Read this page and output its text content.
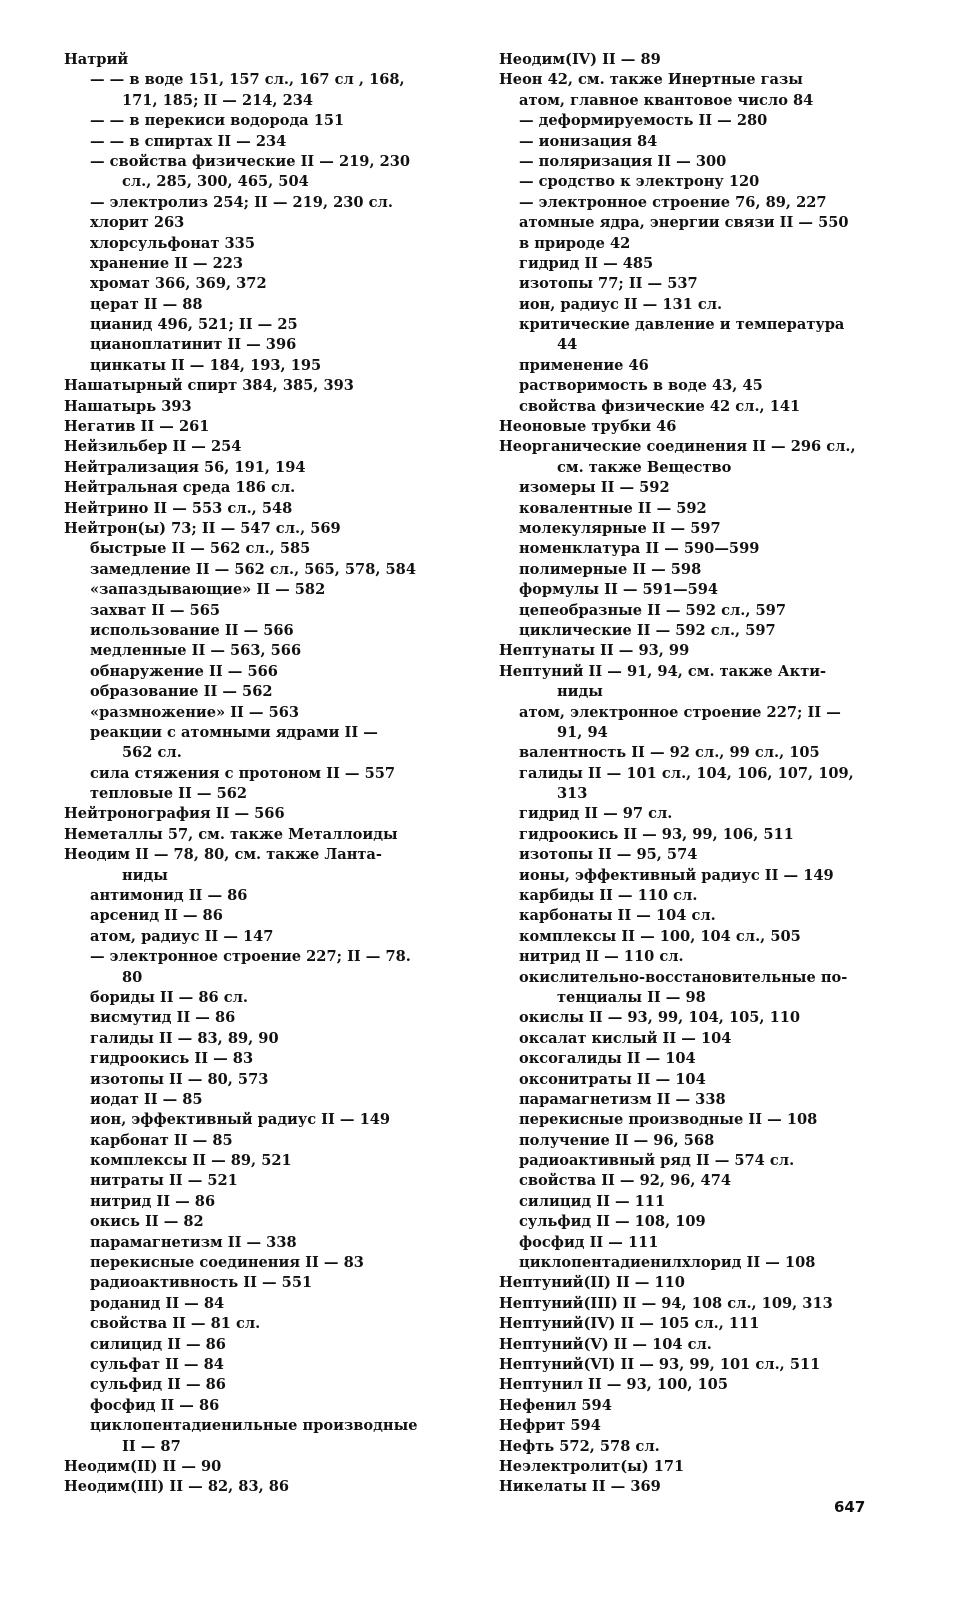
Натрий
— — в воде 151, 157 сл., 167 сл , 168,
171, 185; II — 214, 234
— — в перекиси водорода 151
— — в спиртах II — 234
— свойства физические II — 219, 230
сл., 285, 300, 465, 504
— электролиз 254; II — 219, 230 сл.
хлорит 263
хлорсульфонат 335
хранение II — 223
хромат 366, 369, 372
церат II — 88
цианид 496, 521; II — 25
цианоплатинит II — 396
цинкаты II — 184, 193, 195
Нашатырный спирт 384, 385, 393
Нашатырь 393
Негатив II — 261
Нейзильбер II — 254
Нейтрализация 56, 191, 194
Нейтральная среда 186 сл.
Нейтрино II — 553 сл., 548
Нейтрон(ы) 73; II — 547 сл., 569
быстрые II — 562 сл., 585
замедление II — 562 сл., 565, 578, 584
«запаздывающие» II — 582
захват II — 565
использование II — 566
медленные II — 563, 566
обнаружение II — 566
образование II — 562
«размножение» II — 563
реакции с атомными ядрами II —
562 сл.
сила стяжения с протоном II — 557
тепловые II — 562
Нейтронография II — 566
Неметаллы 57, см. также Металлоиды
Неодим II — 78, 80, см. также Ланта-
ниды
антимонид II — 86
арсенид II — 86
атом, радиус II — 147
— электронное строение 227; II — 78.
80
бориды II — 86 сл.
висмутид II — 86
галиды II — 83, 89, 90
гидроокись II — 83
изотопы II — 80, 573
иодат II — 85
ион, эффективный радиус II — 149
карбонат II — 85
комплексы II — 89, 521
нитраты II — 521
нитрид II — 86
окись II — 82
парамагнетизм II — 338
перекисные соединения II — 83
радиоактивность II — 551
роданид II — 84
свойства II — 81 сл.
силицид II — 86
сульфат II — 84
сульфид II — 86
фосфид II — 86
циклопентадиенильные производные
II — 87
Неодим(II) II — 90
Неодим(III) II — 82, 83, 86
Неодим(IV) II — 89
Неон 42, см. также Инертные газы
атом, главное квантовое число 84
— деформируемость II — 280
— ионизация 84
— поляризация II — 300
— сродство к электрону 120
— электронное строение 76, 89, 227
атомные ядра, энергии связи II — 550
в природе 42
гидрид II — 485
изотопы 77; II — 537
ион, радиус II — 131 сл.
критические давление и температура
44
применение 46
растворимость в воде 43, 45
свойства физические 42 сл., 141
Неоновые трубки 46
Неорганические соединения II — 296 сл.,
см. также Вещество
изомеры II — 592
ковалентные II — 592
молекулярные II — 597
номенклатура II — 590—599
полимерные II — 598
формулы II — 591—594
цепеобразные II — 592 сл., 597
циклические II — 592 сл., 597
Нептунаты II — 93, 99
Нептуний II — 91, 94, см. также Акти-
ниды
атом, электронное строение 227; II —
91, 94
валентность II — 92 сл., 99 сл., 105
галиды II — 101 сл., 104, 106, 107, 109,
313
гидрид II — 97 сл.
гидроокись II — 93, 99, 106, 511
изотопы II — 95, 574
ионы, эффективный радиус II — 149
карбиды II — 110 сл.
карбонаты II — 104 сл.
комплексы II — 100, 104 сл., 505
нитрид II — 110 сл.
окислительно-восстановительные по-
тенциалы II — 98
окислы II — 93, 99, 104, 105, 110
оксалат кислый II — 104
оксогалиды II — 104
оксонитраты II — 104
парамагнетизм II — 338
перекисные производные II — 108
получение II — 96, 568
радиоактивный ряд II — 574 сл.
свойства II — 92, 96, 474
силицид II — 111
сульфид II — 108, 109
фосфид II — 111
циклопентадиенилхлорид II — 108
Нептуний(II) II — 110
Нептуний(III) II — 94, 108 сл., 109, 313
Нептуний(IV) II — 105 сл., 111
Нептуний(V) II — 104 сл.
Нептуний(VI) II — 93, 99, 101 сл., 511
Нептунил II — 93, 100, 105
Нефенил 594
Нефрит 594
Нефть 572, 578 сл.
Неэлектролит(ы) 171
Никелаты II — 369
647
